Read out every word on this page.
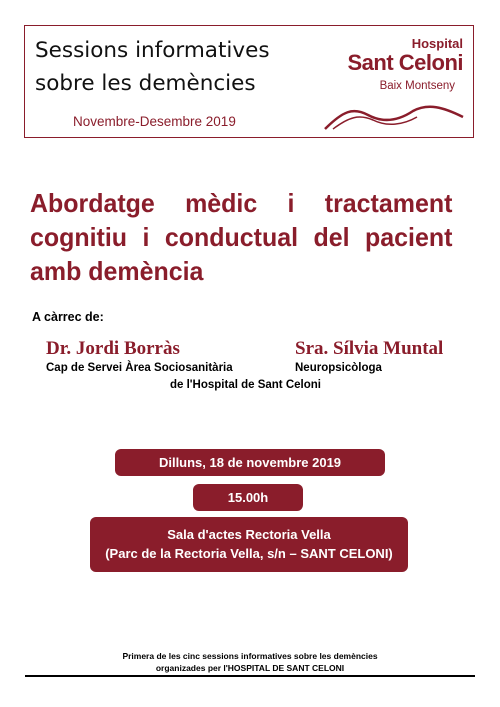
Sessions informatives
sobre les demències
Novembre-Desembre 2019
Hospital
Sant Celoni
Baix Montseny
Abordatge mèdic i tractament cognitiu i conductual del pacient amb demència
A càrrec de:
Dr. Jordi Borràs
Cap de Servei Àrea Sociosanitària
Sra. Sílvia Muntal
Neuropsicòloga
de l'Hospital de Sant Celoni
Dilluns, 18 de novembre 2019
15.00h
Sala d'actes Rectoria Vella
(Parc de la Rectoria Vella, s/n – SANT CELONI)
Primera de les cinc sessions informatives sobre les demències
organizades per l'HOSPITAL DE SANT CELONI
